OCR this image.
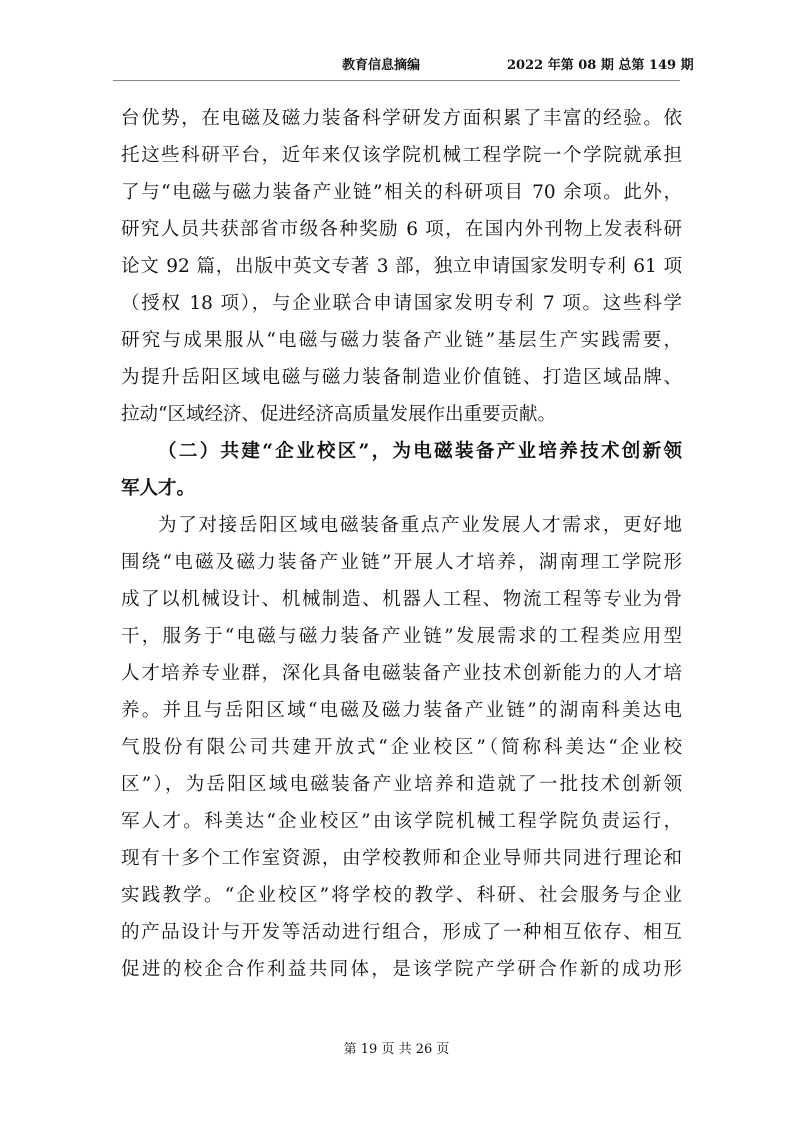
教育信息摘编	2022 年第 08 期 总第 149 期
台优势，在电磁及磁力装备科学研发方面积累了丰富的经验。依
托这些科研平台，近年来仅该学院机械工程学院一个学院就承担
了与“电磁与磁力装备产业链”相关的科研项目 70 余项。此外，
研究人员共获部省市级各种奖励 6 项，在国内外刊物上发表科研
论文 92 篇，出版中英文专著 3 部，独立申请国家发明专利 61 项
（授权 18 项），与企业联合申请国家发明专利 7 项。这些科学
研究与成果服从“电磁与磁力装备产业链”基层生产实践需要，
为提升岳阳区域电磁与磁力装备制造业价值链、打造区域品牌、
拉动“区域经济、促进经济高质量发展作出重要贡献。
（二）共建“企业校区”，为电磁装备产业培养技术创新领
军人才。
为了对接岳阳区域电磁装备重点产业发展人才需求，更好地
围绕“电磁及磁力装备产业链”开展人才培养，湖南理工学院形
成了以机械设计、机械制造、机器人工程、物流工程等专业为骨
干，服务于“电磁与磁力装备产业链”发展需求的工程类应用型
人才培养专业群，深化具备电磁装备产业技术创新能力的人才培
养。并且与岳阳区域“电磁及磁力装备产业链”的湖南科美达电
气股份有限公司共建开放式“企业校区”（简称科美达“企业校
区”），为岳阳区域电磁装备产业培养和造就了一批技术创新领
军人才。科美达“企业校区”由该学院机械工程学院负责运行，
现有十多个工作室资源，由学校教师和企业导师共同进行理论和
实践教学。“企业校区”将学校的教学、科研、社会服务与企业
的产品设计与开发等活动进行组合，形成了一种相互依存、相互
促进的校企合作利益共同体，是该学院产学研合作新的成功形
第 19 页 共 26 页
